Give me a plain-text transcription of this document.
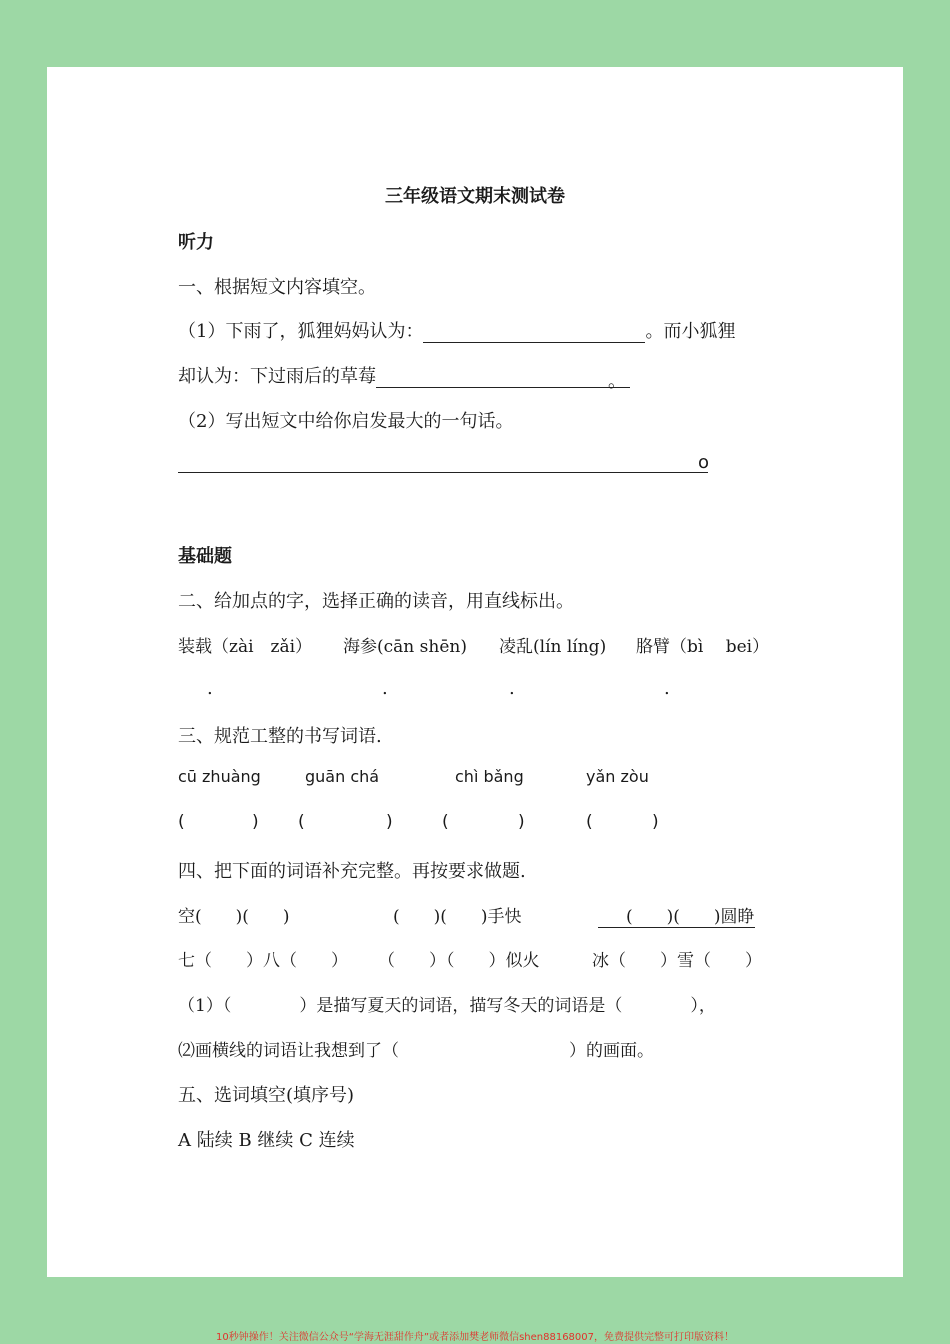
三年级语文期末测试卷
听力
一、根据短文内容填空。
（1）下雨了，狐狸妈妈认为：	。而小狐狸
却认为：下过雨后的草莓	。
（2）写出短文中给你启发最大的一句话。
o
基础题
二、给加点的字，选择正确的读音，用直线标出。
装载（zài　zǎi） 海参(cān shēn) 凌乱(lín líng) 胳臂（bì　 bei）
.	.	.	.
三、规范工整的书写词语.
cū zhuàng	guān chá	chì bǎng	yǎn zòu
(	) (	)	(	)	(	)
四、把下面的词语补充完整。再按要求做题.
空(　　)(　　)	(　　)(　　)手快	(　　)(　　)圆睁
七（　　）八（　　） （　　）（　　）似火	冰（　　）雪（　　）
（1）（　　　　）是描写夏天的词语，描写冬天的词语是（　　　　），
⑵画横线的词语让我想到了（　　　　　　　　　　）的画面。
五、选词填空(填序号)
A 陆续 B 继续 C 连续
10秒钟操作！关注微信公众号“学海无涯甜作舟”或者添加樊老师微信shen88168007，免费提供完整可打印版资料！
